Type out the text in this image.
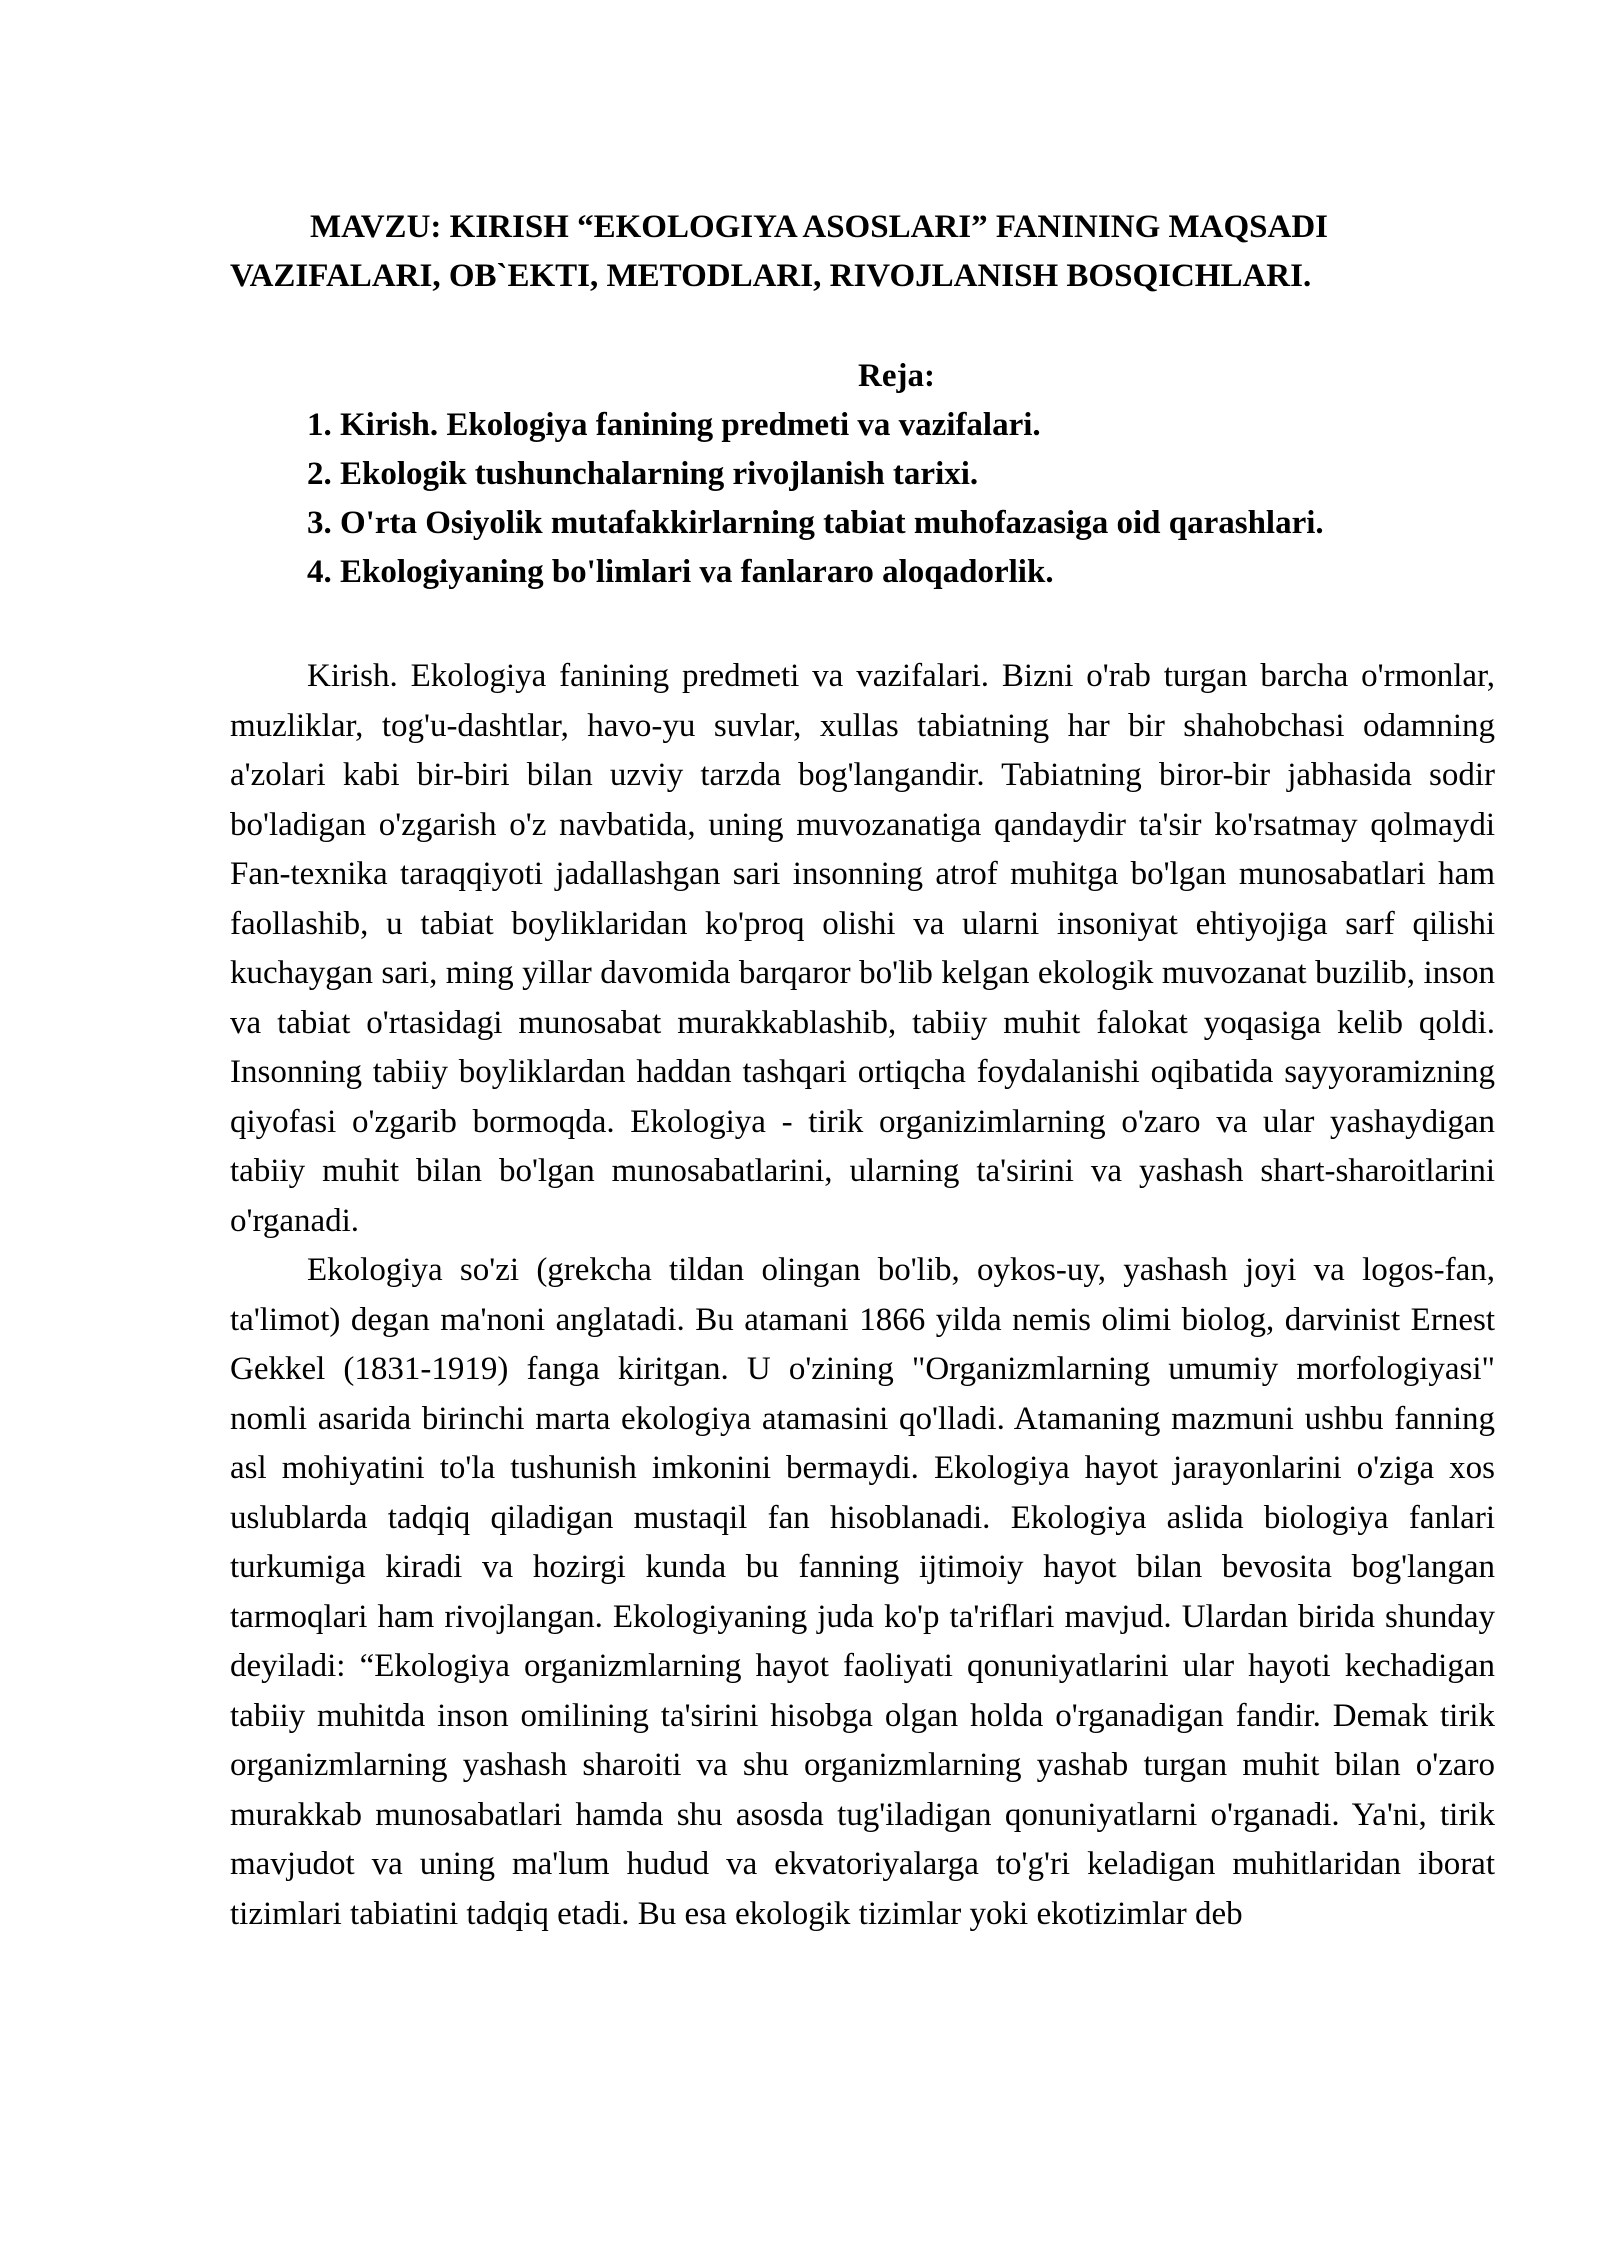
MAVZU: KIRISH “EKOLOGIYA ASOSLARI” FANINING MAQSADI
VAZIFALARI, OB`EKTI, METODLARI, RIVOJLANISH BOSQICHLARI.
Reja:
1. Kirish. Ekologiya fanining predmeti va vazifalari.
2. Ekologik tushunchalarning rivojlanish tarixi.
3. O'rta Osiyolik mutafakkirlarning tabiat muhofazasiga oid qarashlari.
4. Ekologiyaning bo'limlari va fanlararo aloqadorlik.

Kirish. Ekologiya fanining predmeti va vazifalari. Bizni o'rab turgan barcha o'rmonlar, muzliklar, tog'u-dashtlar, havo-yu suvlar, xullas tabiatning har bir shahobchasi odamning a'zolari kabi bir-biri bilan uzviy tarzda bog'langandir. Tabiatning biror-bir jabhasida sodir bo'ladigan o'zgarish o'z navbatida, uning muvozanatiga qandaydir ta'sir ko'rsatmay qolmaydi Fan-texnika taraqqiyoti jadallashgan sari insonning atrof muhitga bo'lgan munosabatlari ham faollashib, u tabiat boyliklaridan ko'proq olishi va ularni insoniyat ehtiyojiga sarf qilishi kuchaygan sari, ming yillar davomida barqaror bo'lib kelgan ekologik muvozanat buzilib, inson va tabiat o'rtasidagi munosabat murakkablashib, tabiiy muhit falokat yoqasiga kelib qoldi. Insonning tabiiy boyliklardan haddan tashqari ortiqcha foydalanishi oqibatida sayyoramizning qiyofasi o'zgarib bormoqda. Ekologiya - tirik organizimlarning o'zaro va ular yashaydigan tabiiy muhit bilan bo'lgan munosabatlarini, ularning ta'sirini va yashash shart-sharoitlarini o'rganadi.

Ekologiya so'zi (grekcha tildan olingan bo'lib, oykos-uy, yashash joyi va logos-fan, ta'limot) degan ma'noni anglatadi. Bu atamani 1866 yilda nemis olimi biolog, darvinist Ernest Gekkel (1831-1919) fanga kiritgan. U o'zining "Organizmlarning umumiy morfologiyasi" nomli asarida birinchi marta ekologiya atamasini qo'lladi. Atamaning mazmuni ushbu fanning asl mohiyatini to'la tushunish imkonini bermaydi. Ekologiya hayot jarayonlarini o'ziga xos uslublarda tadqiq qiladigan mustaqil fan hisoblanadi. Ekologiya aslida biologiya fanlari turkumiga kiradi va hozirgi kunda bu fanning ijtimoiy hayot bilan bevosita bog'langan tarmoqlari ham rivojlangan. Ekologiyaning juda ko'p ta'riflari mavjud. Ulardan birida shunday deyiladi: “Ekologiya organizmlarning hayot faoliyati qonuniyatlarini ular hayoti kechadigan tabiiy muhitda inson omilining ta'sirini hisobga olgan holda o'rganadigan fandir. Demak tirik organizmlarning yashash sharoiti va shu organizmlarning yashab turgan muhit bilan o'zaro murakkab munosabatlari hamda shu asosda tug'iladigan qonuniyatlarni o'rganadi. Ya'ni, tirik mavjudot va uning ma'lum hudud va ekvatoriyalarga to'g'ri keladigan muhitlaridan iborat tizimlari tabiatini tadqiq etadi. Bu esa ekologik tizimlar yoki ekotizimlar deb
